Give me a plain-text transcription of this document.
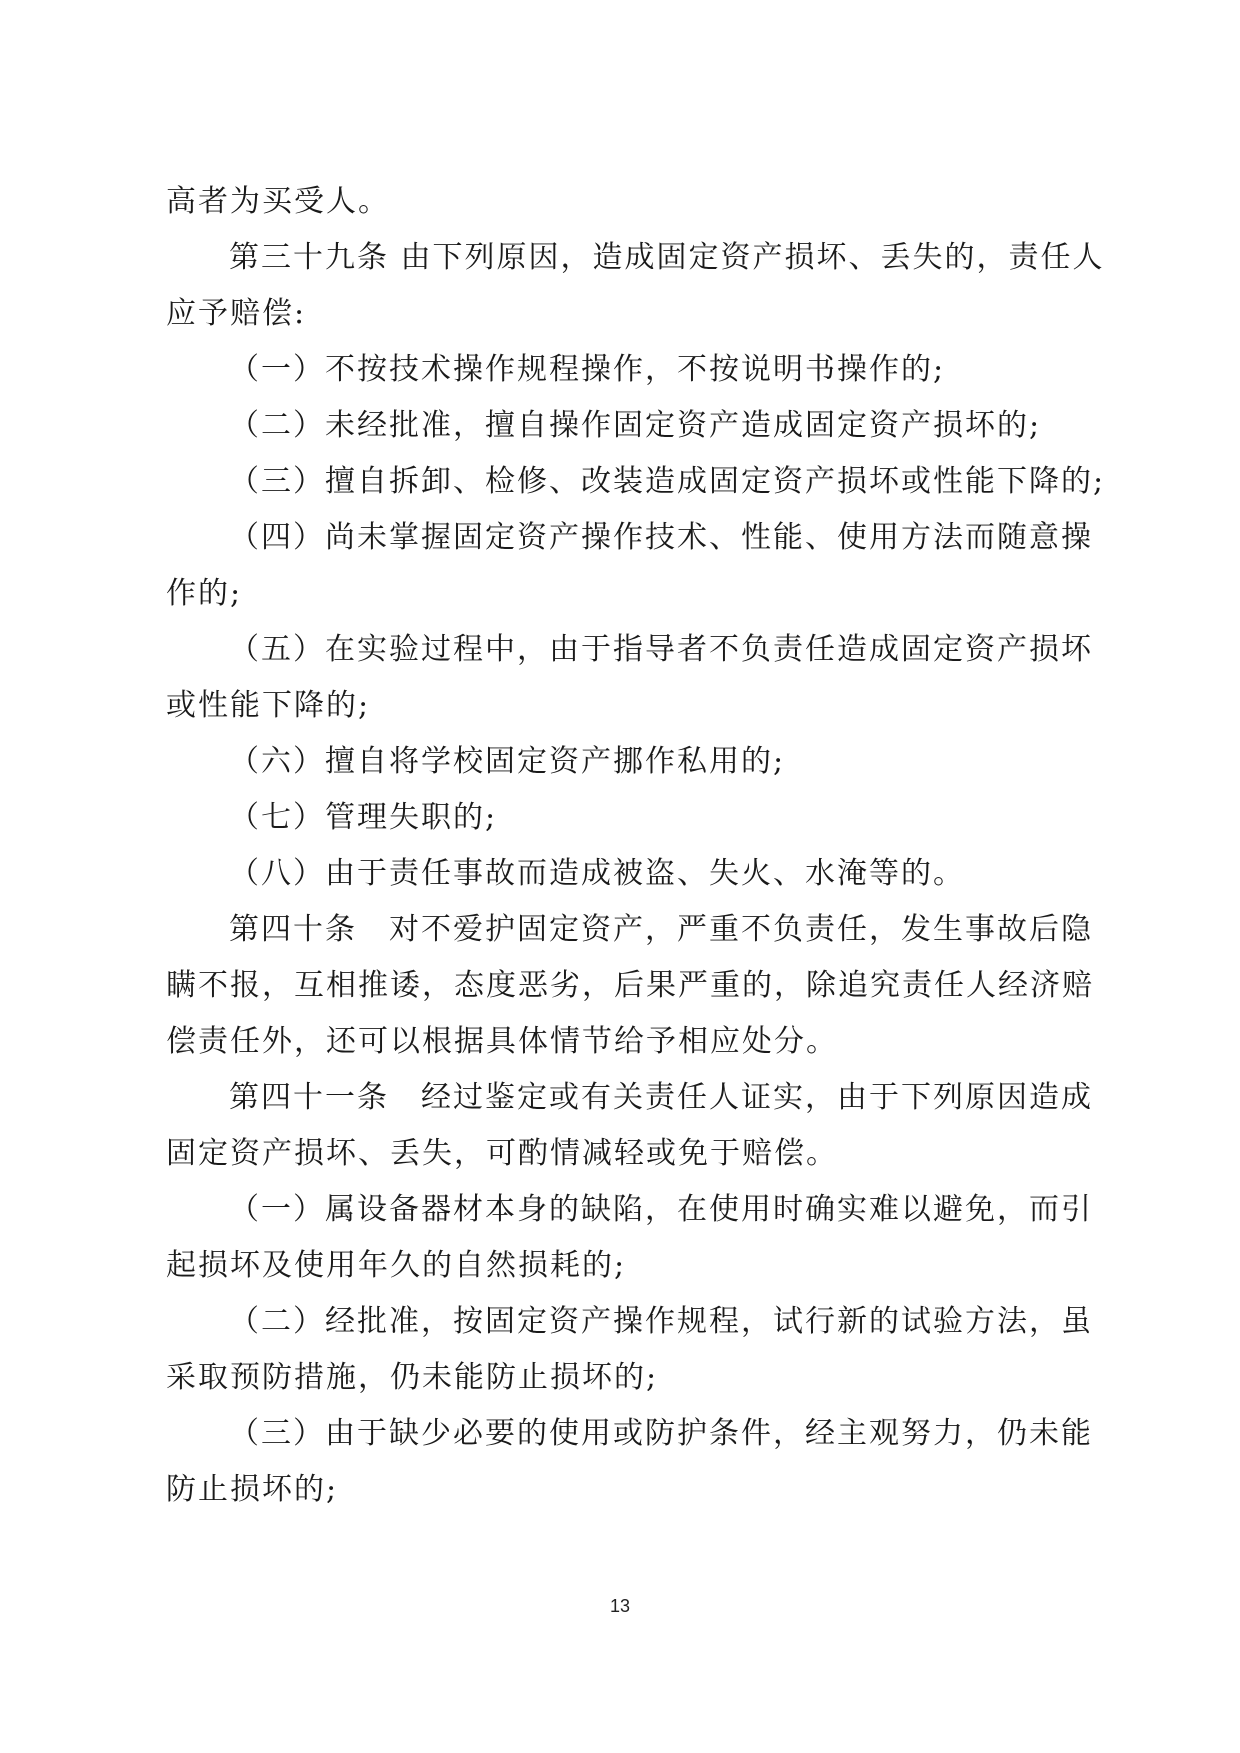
高者为买受人。
第三十九条 由下列原因，造成固定资产损坏、丢失的，责任人
应予赔偿:
（一）不按技术操作规程操作，不按说明书操作的;
（二）未经批准，擅自操作固定资产造成固定资产损坏的;
（三）擅自拆卸、检修、改装造成固定资产损坏或性能下降的;
（四）尚未掌握固定资产操作技术、性能、使用方法而随意操
作的;
（五）在实验过程中，由于指导者不负责任造成固定资产损坏
或性能下降的;
（六）擅自将学校固定资产挪作私用的;
（七）管理失职的;
（八）由于责任事故而造成被盗、失火、水淹等的。
第四十条　对不爱护固定资产，严重不负责任，发生事故后隐
瞒不报，互相推诿，态度恶劣，后果严重的，除追究责任人经济赔
偿责任外，还可以根据具体情节给予相应处分。
第四十一条　经过鉴定或有关责任人证实，由于下列原因造成
固定资产损坏、丢失，可酌情减轻或免于赔偿。
（一）属设备器材本身的缺陷，在使用时确实难以避免，而引
起损坏及使用年久的自然损耗的;
（二）经批准，按固定资产操作规程，试行新的试验方法，虽
采取预防措施，仍未能防止损坏的;
（三）由于缺少必要的使用或防护条件，经主观努力，仍未能
防止损坏的;
13
